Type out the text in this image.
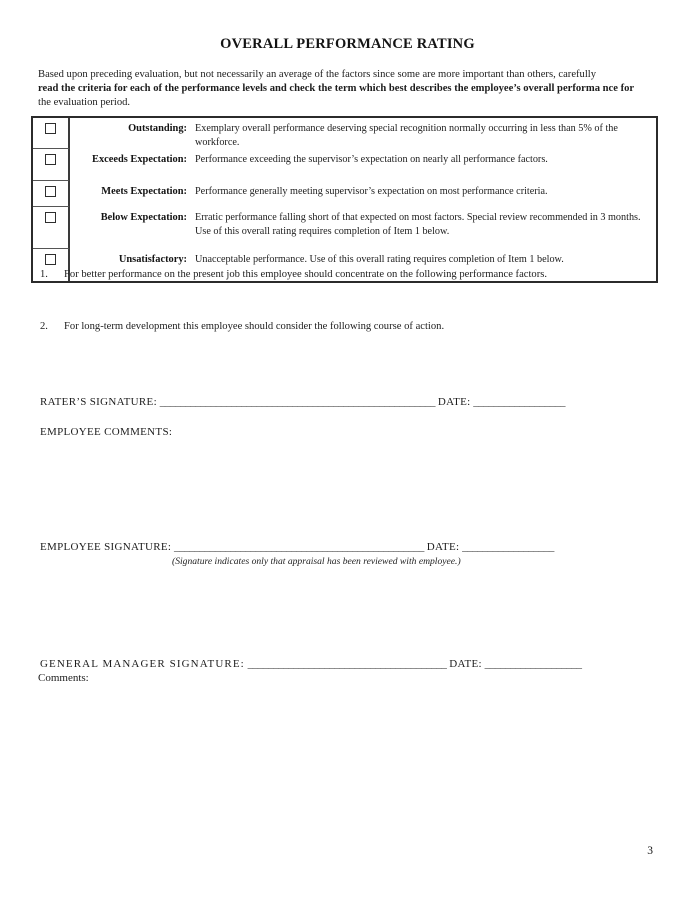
OVERALL PERFORMANCE RATING
Based upon preceding evaluation, but not necessarily an average of the factors since some are more important than others, carefully
read the criteria for each of the performance levels and check the term which best describes the employee’s overall performa nce for
the evaluation period.
Outstanding: Exemplary overall performance deserving special recognition normally occurring in less than 5% of the workforce.
Exceeds Expectation: Performance exceeding the supervisor’s expectation on nearly all performance factors.
Meets Expectation: Performance generally meeting supervisor’s expectation on most performance criteria.
Below Expectation: Erratic performance falling short of that expected on most factors. Special review recommended in 3 months.
Use of this overall rating requires completion of Item 1 below.
Unsatisfactory: Unacceptable performance. Use of this overall rating requires completion of Item 1 below.
1. For better performance on the present job this employee should concentrate on the following performance factors.
2. For long-term development this employee should consider the following course of action.
RATER’S SIGNATURE: ______________________________________________________ DATE: __________________
EMPLOYEE COMMENTS:
EMPLOYEE SIGNATURE: _________________________________________________ DATE: __________________
(Signature indicates only that appraisal has been reviewed with employee.)
GENERAL MANAGER SIGNATURE: _______________________________________ DATE: ___________________
Comments:
3
